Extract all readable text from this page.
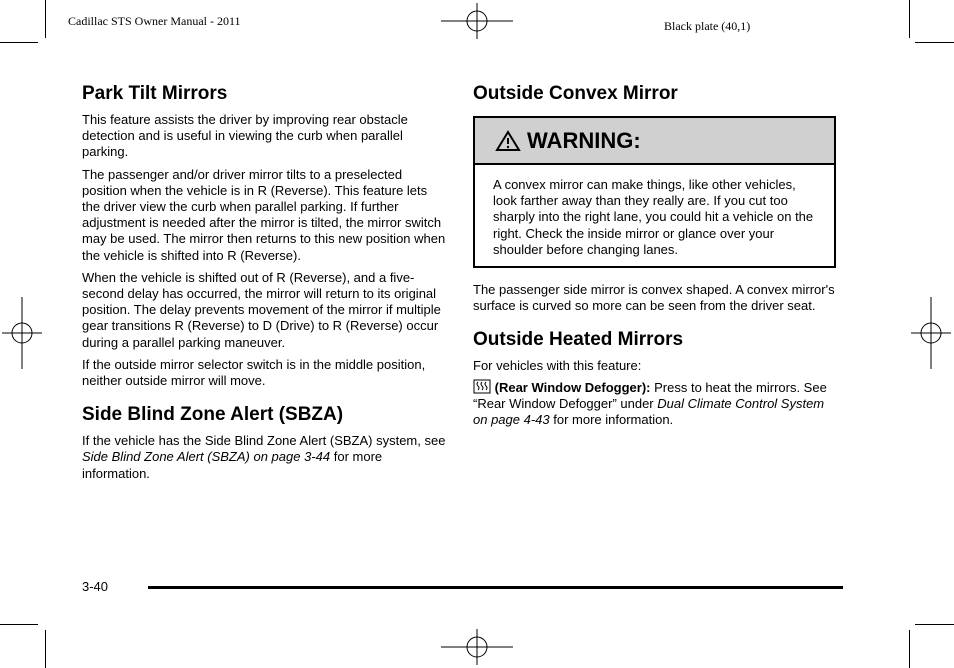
Cadillac STS Owner Manual - 2011	Black plate (40,1)
Park Tilt Mirrors

This feature assists the driver by improving rear obstacle detection and is useful in viewing the curb when parallel parking.

The passenger and/or driver mirror tilts to a preselected position when the vehicle is in R (Reverse). This feature lets the driver view the curb when parallel parking. If further adjustment is needed after the mirror is tilted, the mirror switch may be used. The mirror then returns to this new position when the vehicle is shifted into R (Reverse).

When the vehicle is shifted out of R (Reverse), and a five-second delay has occurred, the mirror will return to its original position. The delay prevents movement of the mirror if multiple gear transitions R (Reverse) to D (Drive) to R (Reverse) occur during a parallel parking maneuver.

If the outside mirror selector switch is in the middle position, neither outside mirror will move.

Side Blind Zone Alert (SBZA)

If the vehicle has the Side Blind Zone Alert (SBZA) system, see Side Blind Zone Alert (SBZA) on page 3-44 for more information.

Outside Convex Mirror
WARNING:

A convex mirror can make things, like other vehicles, look farther away than they really are. If you cut too sharply into the right lane, you could hit a vehicle on the right. Check the inside mirror or glance over your shoulder before changing lanes.

The passenger side mirror is convex shaped. A convex mirror's surface is curved so more can be seen from the driver seat.

Outside Heated Mirrors

For vehicles with this feature:

(Rear Window Defogger): Press to heat the mirrors. See “Rear Window Defogger” under Dual Climate Control System on page 4-43 for more information.

3-40
